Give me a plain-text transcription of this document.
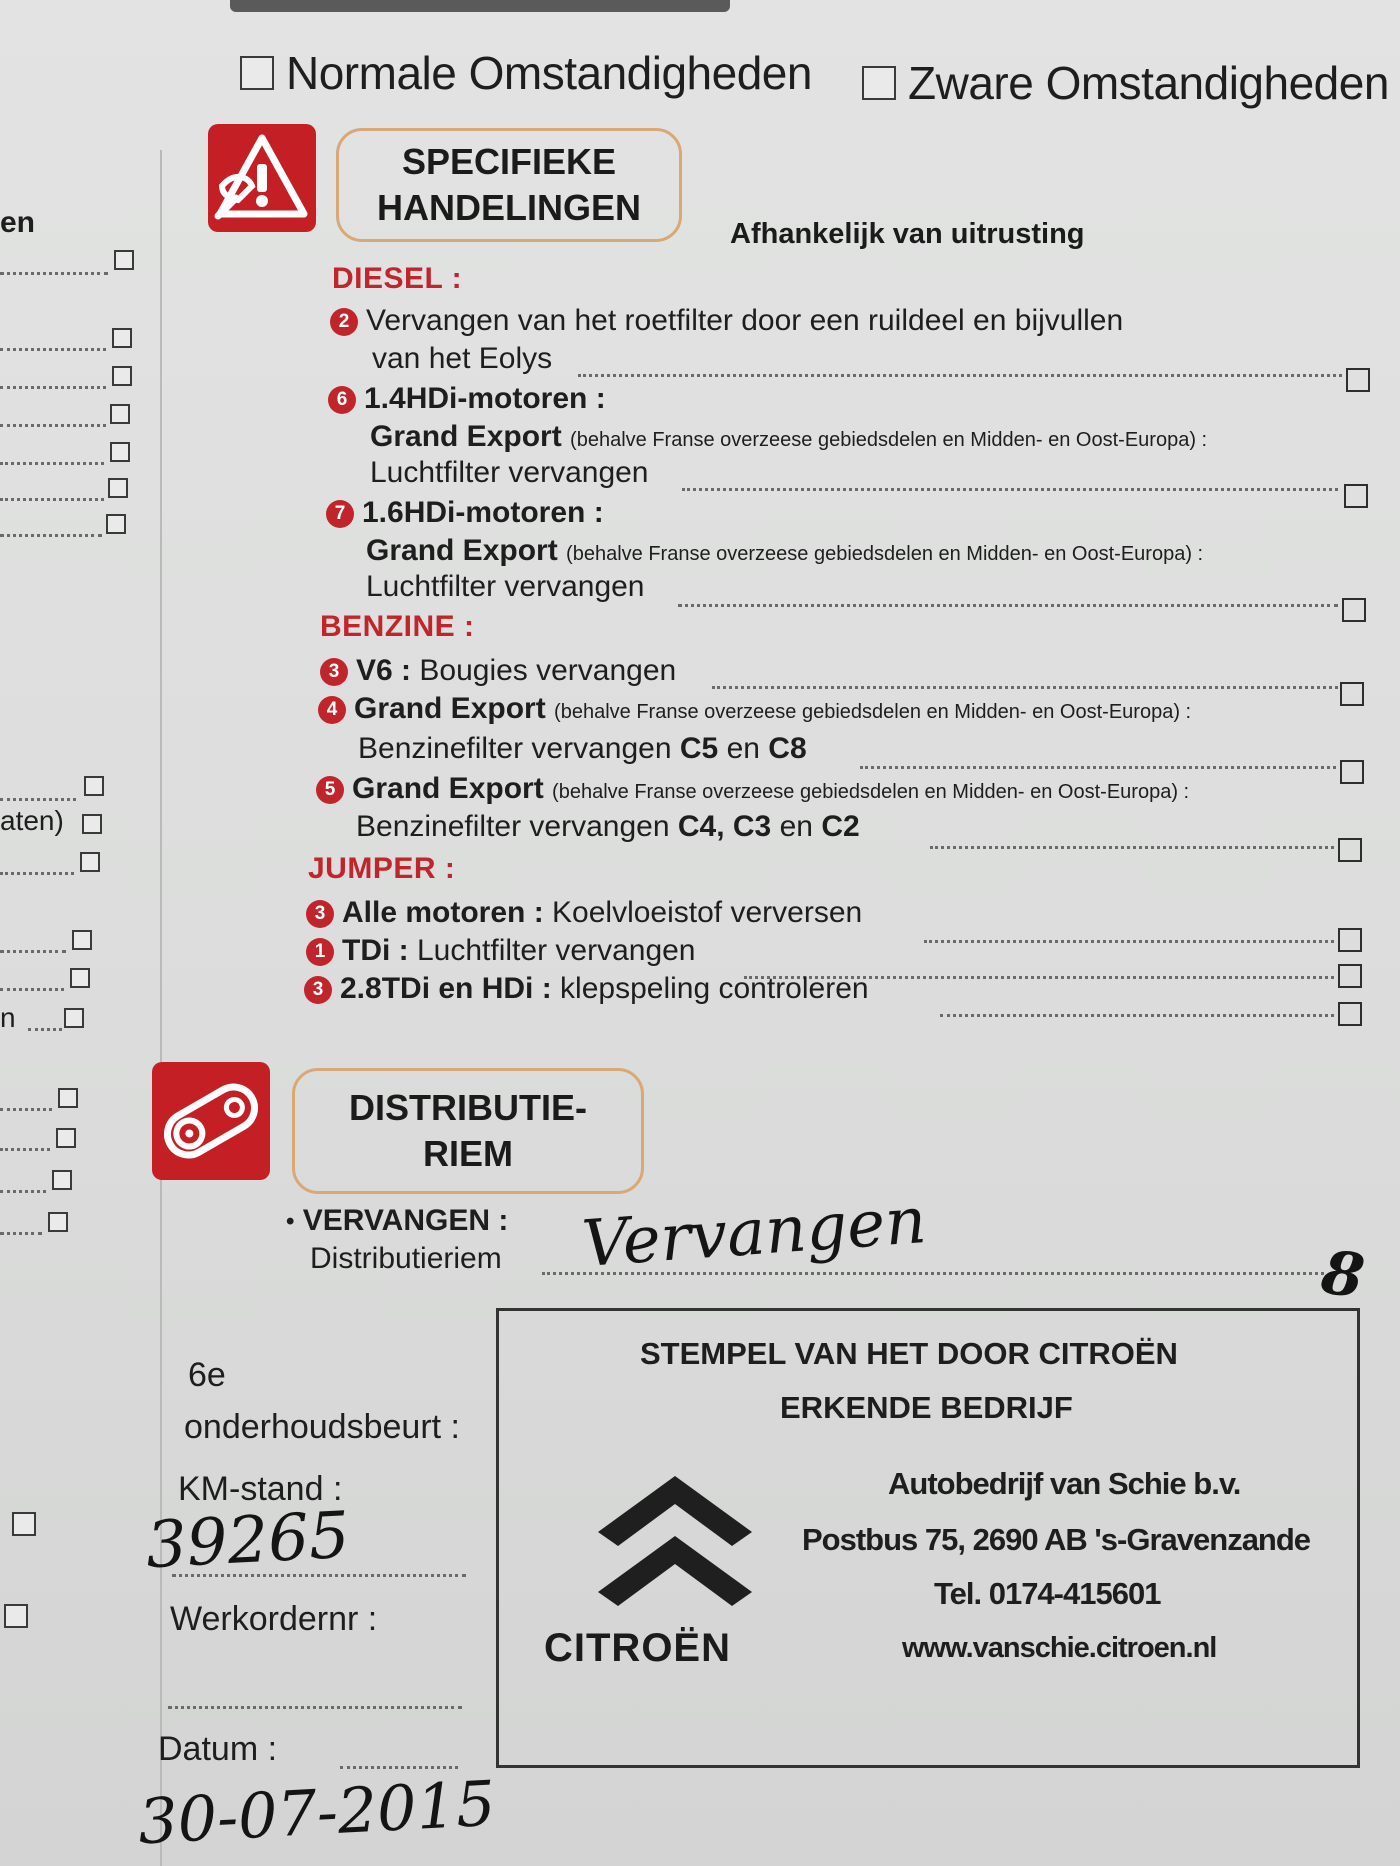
en
aten)
n
Normale Omstandigheden Zware Omstandigheden
SPECIFIEKE
HANDELINGEN
Afhankelijk van uitrusting
DIESEL :
2 Vervangen van het roetfilter door een ruildeel en bijvullen
van het Eolys
6 1.4HDi-motoren :
Grand Export (behalve Franse overzeese gebiedsdelen en Midden- en Oost-Europa) :
Luchtfilter vervangen
7 1.6HDi-motoren :
Grand Export (behalve Franse overzeese gebiedsdelen en Midden- en Oost-Europa) :
Luchtfilter vervangen
BENZINE :
3 V6 : Bougies vervangen
4 Grand Export (behalve Franse overzeese gebiedsdelen en Midden- en Oost-Europa) :
Benzinefilter vervangen C5 en C8
5 Grand Export (behalve Franse overzeese gebiedsdelen en Midden- en Oost-Europa) :
Benzinefilter vervangen C4, C3 en C2
JUMPER :
3 Alle motoren : Koelvloeistof verversen
1 TDi : Luchtfilter vervangen
3 2.8TDi en HDi : klepspeling controleren
DISTRIBUTIE-
RIEM
• VERVANGEN :
Distributieriem Vervangen	8
6e
onderhoudsbeurt :
KM-stand :
39265
Werkordernr :
Datum :
30-07-2015
STEMPEL VAN HET DOOR CITROËN
ERKENDE BEDRIJF
CITROËN
Autobedrijf van Schie b.v.
Postbus 75, 2690 AB 's-Gravenzande
Tel. 0174-415601
www.vanschie.citroen.nl
